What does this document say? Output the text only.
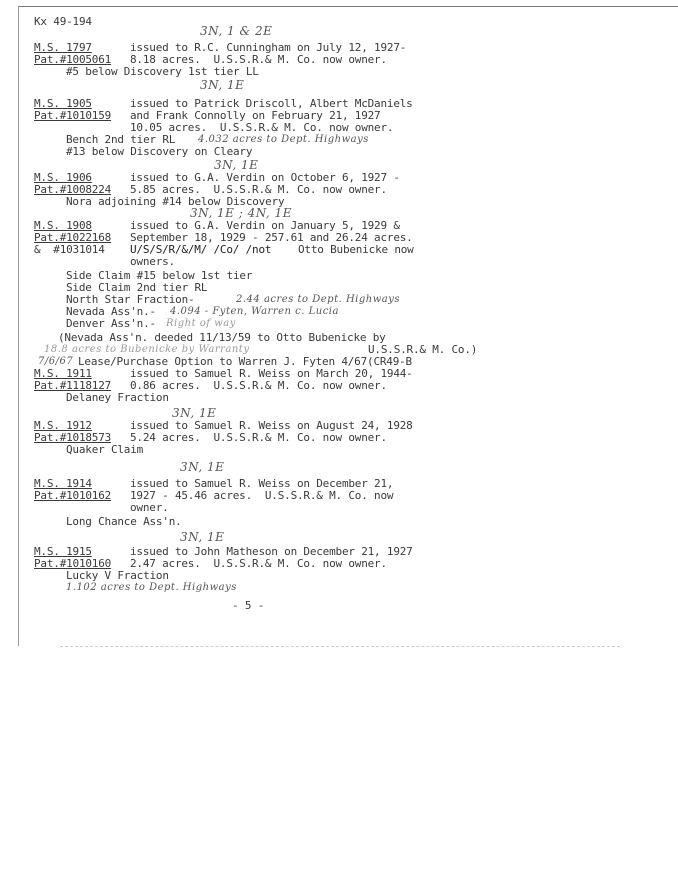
Kx 49-194
3N, 1 & 2E
M.S. 1797	issued to R.C. Cunningham on July 12, 1927-
Pat.#1005061 8.18 acres.  U.S.S.R.& M. Co. now owner.
#5 below Discovery 1st tier LL
3N, 1E
M.S. 1905	issued to Patrick Driscoll, Albert McDaniels
Pat.#1010159 and Frank Connolly on February 21, 1927
10.05 acres.  U.S.S.R.& M. Co. now owner.
Bench 2nd tier RL 4.032 acres to Dept. Highways
#13 below Discovery on Cleary
3N, 1E
M.S. 1906	issued to G.A. Verdin on October 6, 1927 -
Pat.#1008224 5.85 acres.  U.S.S.R.& M. Co. now owner.
Nora adjoining #14 below Discovery
3N, 1E ; 4N, 1E
M.S. 1908	issued to G.A. Verdin on January 5, 1929 &
Pat.#1022168 September 18, 1929 - 257.61 and 26.24 acres.
&  #1031014 U/S/S/R/&/M/ /Co/ /not Otto Bubenicke now
owners.
Side Claim #15 below 1st tier
Side Claim 2nd tier RL
North Star Fraction-	2.44 acres to Dept. Highways
Nevada Ass'n.- 4.094 - Fyten, Warren c. Lucia
Denver Ass'n.- Right of way
(Nevada Ass'n. deeded 11/13/59 to Otto Bubenicke by
18.8 acres to Bubenicke by Warranty	U.S.S.R.& M. Co.)
7/6/67 Lease/Purchase Option to Warren J. Fyten 4/67(CR49-B
M.S. 1911	issued to Samuel R. Weiss on March 20, 1944-
Pat.#1118127 0.86 acres.  U.S.S.R.& M. Co. now owner.
Delaney Fraction
3N, 1E
M.S. 1912	issued to Samuel R. Weiss on August 24, 1928
Pat.#1018573 5.24 acres.  U.S.S.R.& M. Co. now owner.
Quaker Claim
3N, 1E
M.S. 1914	issued to Samuel R. Weiss on December 21,
Pat.#1010162 1927 - 45.46 acres.  U.S.S.R.& M. Co. now
owner.
Long Chance Ass'n.
3N, 1E
M.S. 1915	issued to John Matheson on December 21, 1927
Pat.#1010160 2.47 acres.  U.S.S.R.& M. Co. now owner.
Lucky V Fraction
1.102 acres to Dept. Highways
- 5 -
